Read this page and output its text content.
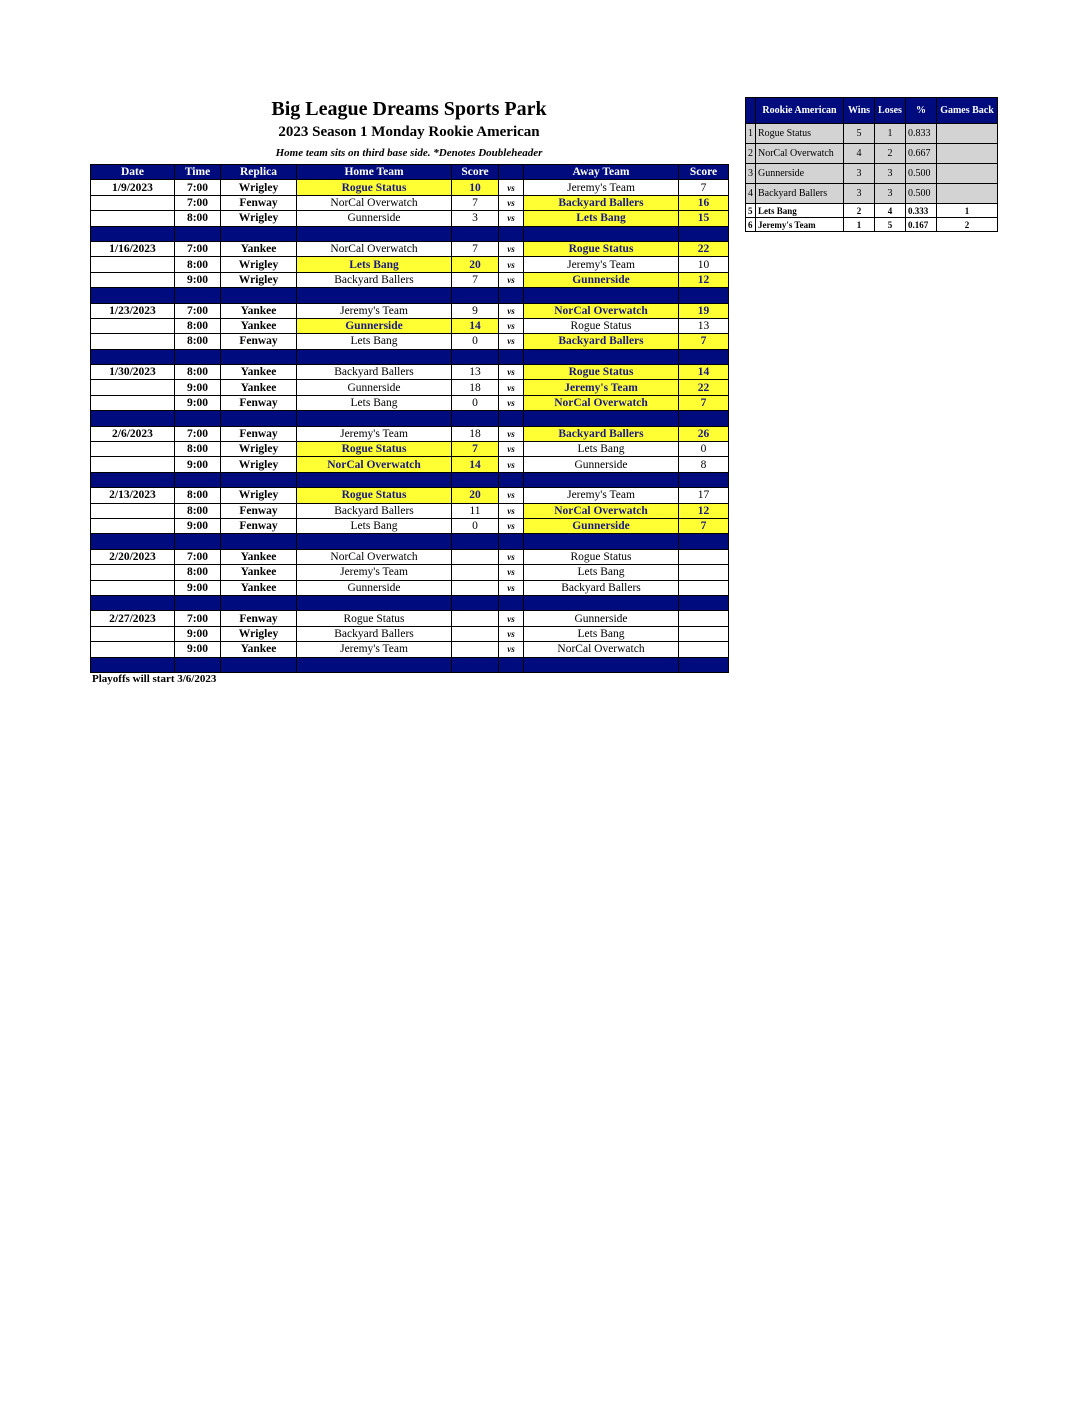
Big League Dreams Sports Park
2023 Season 1 Monday Rookie American
Home team sits on third base side. *Denotes Doubleheader
Date	Time	Replica	Home Team	Score		Away Team	Score
1/9/2023	7:00	Wrigley	Rogue Status	10	vs	Jeremy's Team	7
	7:00	Fenway	NorCal Overwatch	7	vs	Backyard Ballers	16
	8:00	Wrigley	Gunnerside	3	vs	Lets Bang	15

1/16/2023	7:00	Yankee	NorCal Overwatch	7	vs	Rogue Status	22
	8:00	Wrigley	Lets Bang	20	vs	Jeremy's Team	10
	9:00	Wrigley	Backyard Ballers	7	vs	Gunnerside	12

1/23/2023	7:00	Yankee	Jeremy's Team	9	vs	NorCal Overwatch	19
	8:00	Yankee	Gunnerside	14	vs	Rogue Status	13
	8:00	Fenway	Lets Bang	0	vs	Backyard Ballers	7

1/30/2023	8:00	Yankee	Backyard Ballers	13	vs	Rogue Status	14
	9:00	Yankee	Gunnerside	18	vs	Jeremy's Team	22
	9:00	Fenway	Lets Bang	0	vs	NorCal Overwatch	7

2/6/2023	7:00	Fenway	Jeremy's Team	18	vs	Backyard Ballers	26
	8:00	Wrigley	Rogue Status	7	vs	Lets Bang	0
	9:00	Wrigley	NorCal Overwatch	14	vs	Gunnerside	8

2/13/2023	8:00	Wrigley	Rogue Status	20	vs	Jeremy's Team	17
	8:00	Fenway	Backyard Ballers	11	vs	NorCal Overwatch	12
	9:00	Fenway	Lets Bang	0	vs	Gunnerside	7

2/20/2023	7:00	Yankee	NorCal Overwatch		vs	Rogue Status	
	8:00	Yankee	Jeremy's Team		vs	Lets Bang	
	9:00	Yankee	Gunnerside		vs	Backyard Ballers	

2/27/2023	7:00	Fenway	Rogue Status		vs	Gunnerside	
	9:00	Wrigley	Backyard Ballers		vs	Lets Bang	
	9:00	Yankee	Jeremy's Team		vs	NorCal Overwatch	

Playoffs will start 3/6/2023
	Rookie American	Wins	Loses	%	Games Back
1	Rogue Status	5	1	0.833	
2	NorCal Overwatch	4	2	0.667	
3	Gunnerside	3	3	0.500	
4	Backyard Ballers	3	3	0.500	
5	Lets Bang	2	4	0.333	1
6	Jeremy's Team	1	5	0.167	2
